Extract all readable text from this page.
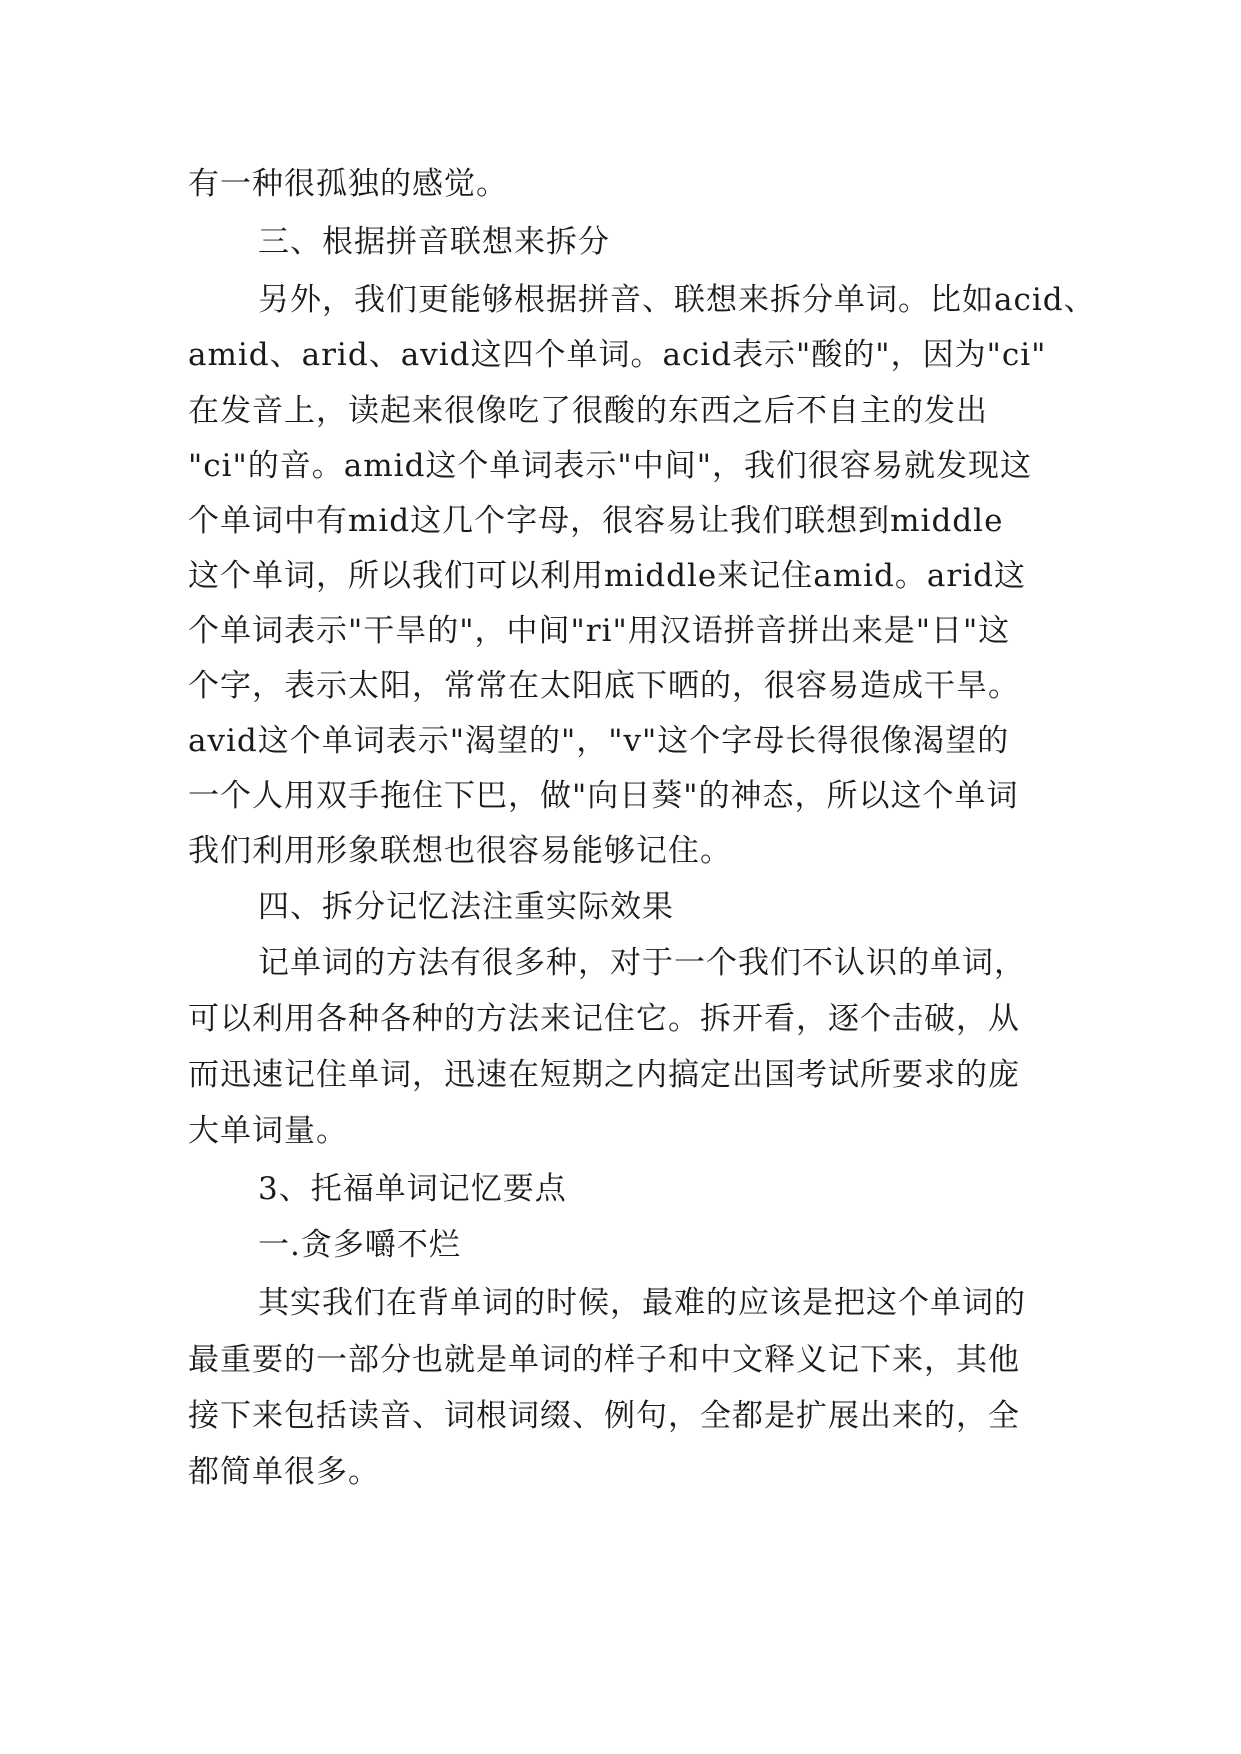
有一种很孤独的感觉。
三、根据拼音联想来拆分
另外，我们更能够根据拼音、联想来拆分单词。比如acid、
amid、arid、avid这四个单词。acid表示"酸的"，因为"ci"
在发音上，读起来很像吃了很酸的东西之后不自主的发出
"ci"的音。amid这个单词表示"中间"，我们很容易就发现这
个单词中有mid这几个字母，很容易让我们联想到middle
这个单词，所以我们可以利用middle来记住amid。arid这
个单词表示"干旱的"，中间"ri"用汉语拼音拼出来是"日"这
个字，表示太阳，常常在太阳底下晒的，很容易造成干旱。
avid这个单词表示"渴望的"，"v"这个字母长得很像渴望的
一个人用双手拖住下巴，做"向日葵"的神态，所以这个单词
我们利用形象联想也很容易能够记住。
四、拆分记忆法注重实际效果
记单词的方法有很多种，对于一个我们不认识的单词，
可以利用各种各种的方法来记住它。拆开看，逐个击破，从
而迅速记住单词，迅速在短期之内搞定出国考试所要求的庞
大单词量。
3、托福单词记忆要点
一.贪多嚼不烂
其实我们在背单词的时候，最难的应该是把这个单词的
最重要的一部分也就是单词的样子和中文释义记下来，其他
接下来包括读音、词根词缀、例句，全都是扩展出来的，全
都简单很多。
